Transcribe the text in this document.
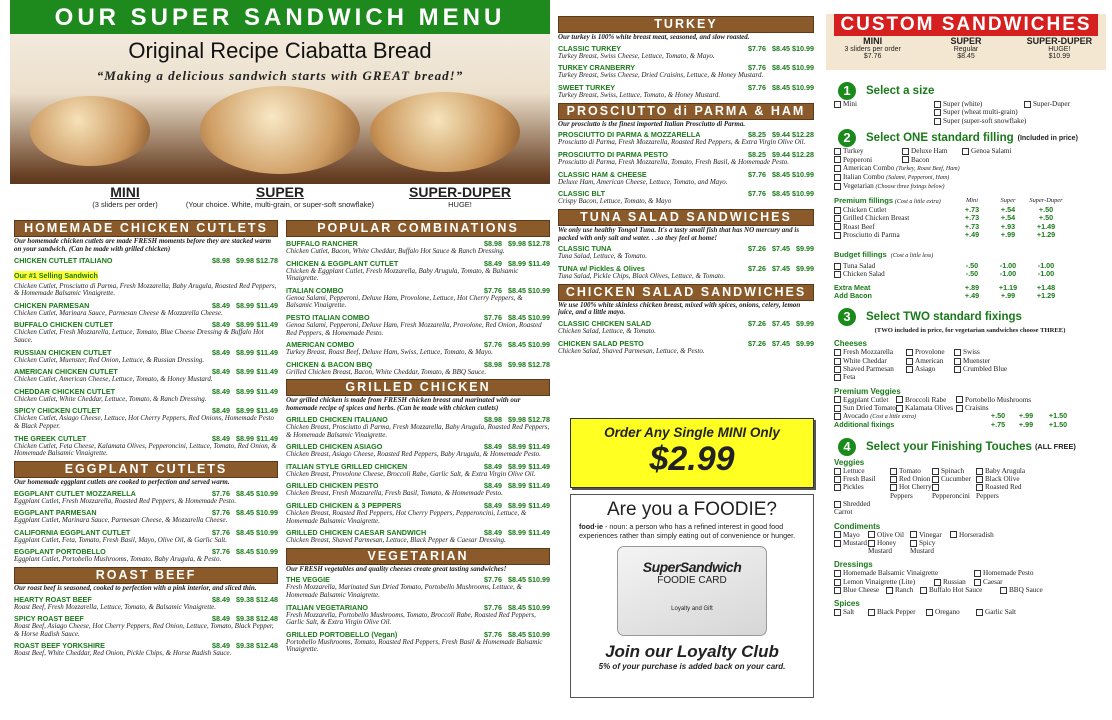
OUR SUPER SANDWICH MENU
Original Recipe Ciabatta Bread
“Making a delicious sandwich starts with GREAT bread!”
MINI
(3 sliders per order)
SUPER
(Your choice. White, multi-grain, or super-soft snowflake)
SUPER-DUPER
HUGE!
HOMEMADE CHICKEN CUTLETS
Our homemade chicken cutlets are made FRESH moments before they are stacked warm on your sandwich. (Can be made with grilled chicken)
CHICKEN CUTLET ITALIANO	$8.98 $9.98 $12.78
Our #1 Selling Sandwich
Chicken Cutlet, Prosciutto di Parma, Fresh Mozzarella, Baby Arugula, Roasted Red Peppers, & Homemade Balsamic Vinaigrette.
CHICKEN PARMESAN	$8.49 $8.99 $11.49
Chicken Cutlet, Marinara Sauce, Parmesan Cheese & Mozzarella Cheese.
BUFFALO CHICKEN CUTLET	$8.49 $8.99 $11.49
Chicken Cutlet, Fresh Mozzarella, Lettuce, Tomato, Blue Cheese Dressing & Buffalo Hot Sauce.
RUSSIAN CHICKEN CUTLET	$8.49 $8.99 $11.49
Chicken Cutlet, Muenster, Red Onion, Lettuce, & Russian Dressing.
AMERICAN CHICKEN CUTLET	$8.49 $8.99 $11.49
Chicken Cutlet, American Cheese, Lettuce, Tomato, & Honey Mustard.
CHEDDAR CHICKEN CUTLET	$8.49 $8.99 $11.49
Chicken Cutlet, White Cheddar, Lettuce, Tomato, & Ranch Dressing.
SPICY CHICKEN CUTLET	$8.49 $8.99 $11.49
Chicken Cutlet, Asiago Cheese, Lettuce, Hot Cherry Peppers, Red Onions, Homemade Pesto & Black Pepper.
THE GREEK CUTLET	$8.49 $8.99 $11.49
Chicken Cutlet, Feta Cheese, Kalamata Olives, Pepperoncini, Lettuce, Tomato, Red Onion, & Homemade Balsamic Vinaigrette.
EGGPLANT CUTLETS
Our homemade eggplant cutlets are cooked to perfection and served warm.
EGGPLANT CUTLET MOZZARELLA	$7.76 $8.45 $10.99
Eggplant Cutlet, Fresh Mozzarella, Roasted Red Peppers, & Homemade Pesto.
EGGPLANT PARMESAN	$7.76 $8.45 $10.99
Eggplant Cutlet, Marinara Sauce, Parmesan Cheese, & Mozzarella Cheese.
CALIFORNIA EGGPLANT CUTLET	$7.76 $8.45 $10.99
Eggplant Cutlet, Feta, Tomato, Fresh Basil, Mayo, Olive Oil, & Garlic Salt.
EGGPLANT PORTOBELLO	$7.76 $8.45 $10.99
Eggplant Cutlet, Portobello Mushrooms, Tomato, Baby Arugula, & Pesto.
ROAST BEEF
Our roast beef is seasoned, cooked to perfection with a pink interior, and sliced thin.
HEARTY ROAST BEEF	$8.49 $9.38 $12.48
Roast Beef, Fresh Mozzarella, Lettuce, Tomato, & Balsamic Vinaigrette.
SPICY ROAST BEEF	$8.49 $9.38 $12.48
Roast Beef, Asiago Cheese, Hot Cherry Peppers, Red Onion, Lettuce, Tomato, Black Pepper, & Horse Radish Sauce.
ROAST BEEF YORKSHIRE	$8.49 $9.38 $12.48
Roast Beef, White Cheddar, Red Onion, Pickle Chips, & Horse Radish Sauce.
POPULAR COMBINATIONS
BUFFALO RANCHER	$8.98 $9.98 $12.78
Chicken Cutlet, Bacon, White Cheddar, Buffalo Hot Sauce & Ranch Dressing.
CHICKEN & EGGPLANT CUTLET	$8.49 $8.99 $11.49
Chicken & Eggplant Cutlet, Fresh Mozzarella, Baby Arugula, Tomato, & Balsamic Vinaigrette.
ITALIAN COMBO	$7.76 $8.45 $10.99
Genoa Salami, Pepperoni, Deluxe Ham, Provolone, Lettuce, Hot Cherry Peppers, & Balsamic Vinaigrette.
PESTO ITALIAN COMBO	$7.76 $8.45 $10.99
Genoa Salami, Pepperoni, Deluxe Ham, Fresh Mozzarella, Provolone, Red Onion, Roasted Red Peppers, & Homemade Pesto.
AMERICAN COMBO	$7.76 $8.45 $10.99
Turkey Breast, Roast Beef, Deluxe Ham, Swiss, Lettuce, Tomato, & Mayo.
CHICKEN & BACON BBQ	$8.98 $9.98 $12.78
Grilled Chicken Breast, Bacon, White Cheddar, Tomato, & BBQ Sauce.
GRILLED CHICKEN
Our grilled chicken is made from FRESH chicken breast and marinated with our homemade recipe of spices and herbs. (Can be made with chicken cutlets)
GRILLED CHICKEN ITALIANO	$8.98 $9.98 $12.78
Chicken Breast, Prosciutto di Parma, Fresh Mozzarella, Baby Arugula, Roasted Red Peppers, & Homemade Balsamic Vinaigrette.
GRILLED CHICKEN ASIAGO	$8.49 $8.99 $11.49
Chicken Breast, Asiago Cheese, Roasted Red Peppers, Baby Arugula, & Homemade Pesto.
ITALIAN STYLE GRILLED CHICKEN	$8.49 $8.99 $11.49
Chicken Breast, Provolone Cheese, Broccoli Rabe, Garlic Salt, & Extra Virgin Olive Oil.
GRILLED CHICKEN PESTO	$8.49 $8.99 $11.49
Chicken Breast, Fresh Mozzarella, Fresh Basil, Tomato, & Homemade Pesto.
GRILLED CHICKEN & 3 PEPPERS	$8.49 $8.99 $11.49
Chicken Breast, Roasted Red Peppers, Hot Cherry Peppers, Pepperoncini, Lettuce, & Homemade Balsamic Vinaigrette.
GRILLED CHICKEN CAESAR SANDWICH	$8.49 $8.99 $11.49
Chicken Breast, Shaved Parmesan, Lettuce, Black Pepper & Caesar Dressing.
VEGETARIAN
Our FRESH vegetables and quality cheeses create great tasting sandwiches!
THE VEGGIE	$7.76 $8.45 $10.99
Fresh Mozzarella, Marinated Sun Dried Tomato, Portobello Mushrooms, Lettuce, & Homemade Balsamic Vinaigrette.
ITALIAN VEGETARIANO	$7.76 $8.45 $10.99
Fresh Mozzarella, Portobello Mushrooms, Tomato, Broccoli Rabe, Roasted Red Peppers, Garlic Salt, & Extra Virgin Olive Oil.
GRILLED PORTOBELLO (Vegan)	$7.76 $8.45 $10.99
Portobello Mushrooms, Tomato, Roasted Red Peppers, Fresh Basil & Homemade Balsamic Vinaigrette.
TURKEY
Our turkey is 100% white breast meat, seasoned, and slow roasted.
CLASSIC TURKEY	$7.76 $8.45 $10.99
Turkey Breast, Swiss Cheese, Lettuce, Tomato, & Mayo.
TURKEY CRANBERRY	$7.76 $8.45 $10.99
Turkey Breast, Swiss Cheese, Dried Craisins, Lettuce, & Honey Mustard.
SWEET TURKEY	$7.76 $8.45 $10.99
Turkey Breast, Swiss, Lettuce, Tomato, & Honey Mustard.
PROSCIUTTO di PARMA & HAM
Our prosciutto is the finest imported Italian Prosciutto di Parma.
PROSCIUTTO DI PARMA & MOZZARELLA	$8.25 $9.44 $12.28
Prosciutto di Parma, Fresh Mozzarella, Roasted Red Peppers, & Extra Virgin Olive Oil.
PROSCIUTTO DI PARMA PESTO	$8.25 $9.44 $12.28
Prosciutto di Parma, Fresh Mozzarella, Tomato, Fresh Basil, & Homemade Pesto.
CLASSIC HAM & CHEESE	$7.76 $8.45 $10.99
Deluxe Ham, American Cheese, Lettuce, Tomato, and Mayo.
CLASSIC BLT	$7.76 $8.45 $10.99
Crispy Bacon, Lettuce, Tomato, & Mayo
TUNA SALAD SANDWICHES
We only use healthy Tongol Tuna. It's a tasty small fish that has NO mercury and is packed with only salt and water. . .so they feel at home!
CLASSIC TUNA	$7.26 $7.45 $9.99
Tuna Salad, Lettuce, & Tomato.
TUNA w/ Pickles & Olives	$7.26 $7.45 $9.99
Tuna Salad, Pickle Chips, Black Olives, Lettuce, & Tomato.
CHICKEN SALAD SANDWICHES
We use 100% white skinless chicken breast, mixed with spices, onions, celery, lemon juice, and a little mayo.
CLASSIC CHICKEN SALAD	$7.26 $7.45 $9.99
Chicken Salad, Lettuce, & Tomato.
CHICKEN SALAD PESTO	$7.26 $7.45 $9.99
Chicken Salad, Shaved Parmesan, Lettuce, & Pesto.
Order Any Single MINI Only
$2.99
Are you a FOODIE?
food·ie - noun: a person who has a refined interest in good food experiences rather than simply eating out of convenience or hunger.
SuperSandwich
FOODIE CARD
Loyalty and Gift
Join our Loyalty Club
5% of your purchase is added back on your card.
CUSTOM SANDWICHES
MINI
3 sliders per order
$7.76
SUPER
Regular
$8.45
SUPER-DUPER
HUGE!
$10.99
1	Select a size
Mini	Super (white)	Super-Duper
Super (wheat multi-grain)
Super (super-soft snowflake)
2	Select ONE standard filling (Included in price)
Turkey	Deluxe Ham	Genoa Salami
Pepperoni	Bacon
American Combo (Turkey, Roast Beef, Ham)
Italian Combo (Salami, Pepperoni, Ham)
Vegetarian (Choose three fixings below)
Premium fillings (Cost a little extra)	Mini	Super	Super-Duper
Chicken Cutlet	+.73	+.54	+.50
Grilled Chicken Breast	+.73	+.54	+.50
Roast Beef	+.73	+.93	+1.49
Prosciutto di Parma	+.49	+.99	+1.29
Budget fillings (Cost a little less)
Tuna Salad	-.50	-1.00	-1.00
Chicken Salad	-.50	-1.00	-1.00
Extra Meat	+.89	+1.19	+1.48
Add Bacon	+.49	+.99	+1.29
3	Select TWO standard fixings
(TWO included in price, for vegetarian sandwiches choose THREE)
Cheeses
Fresh Mozzarella	Provolone	Swiss
White Cheddar	American	Muenster
Shaved Parmesan	Asiago	Crumbled Blue
Feta
Premium Veggies
Eggplant Cutlet	Broccoli Rabe	Portobello Mushrooms
Sun Dried Tomato	Kalamata Olives	Craisins
Avocado (Cost a little extra)	+.50	+.99	+1.50
Additional fixings	+.75	+.99	+1.50
4	Select your Finishing Touches (ALL FREE)
Veggies
Lettuce	Tomato	Spinach	Baby Arugula
Fresh Basil	Red Onion	Cucumber	Black Olive
Pickles	Hot Cherry Peppers	Pepperoncini
Roasted Red Peppers
Shredded Carrot
Condiments
Mayo	Olive Oil	Vinegar	Horseradish
Mustard	Honey Mustard
Spicy Mustard
Dressings
Homemade Balsamic Vinaigrette	Homemade Pesto
Lemon Vinaigrette (Lite)	Russian	Caesar
Blue Cheese	Ranch	Buffalo Hot Sauce	BBQ Sauce
Spices
Salt	Black Pepper	Oregano	Garlic Salt
